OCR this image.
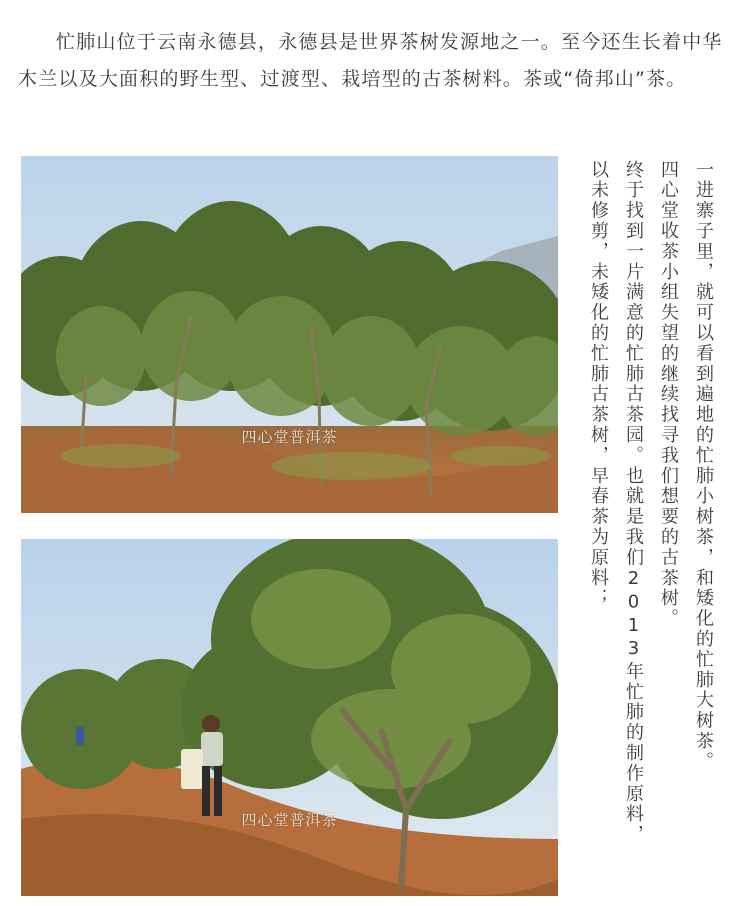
忙肺山位于云南永德县，永德县是世界茶树发源地之一。至今还生长着中华木兰以及大面积的野生型、过渡型、栽培型的古茶树料。茶或“倚邦山”茶。

四心堂普洱茶
四心堂普洱茶

一进寨子里，就可以看到遍地的忙肺小树茶，和矮化的忙肺大树茶。

四心堂收茶小组失望的继续找寻我们想要的古茶树。

终于找到一片满意的忙肺古茶园。也就是我们2013年忙肺的制作原料，

以未修剪，未矮化的忙肺古茶树，早春茶为原料；
